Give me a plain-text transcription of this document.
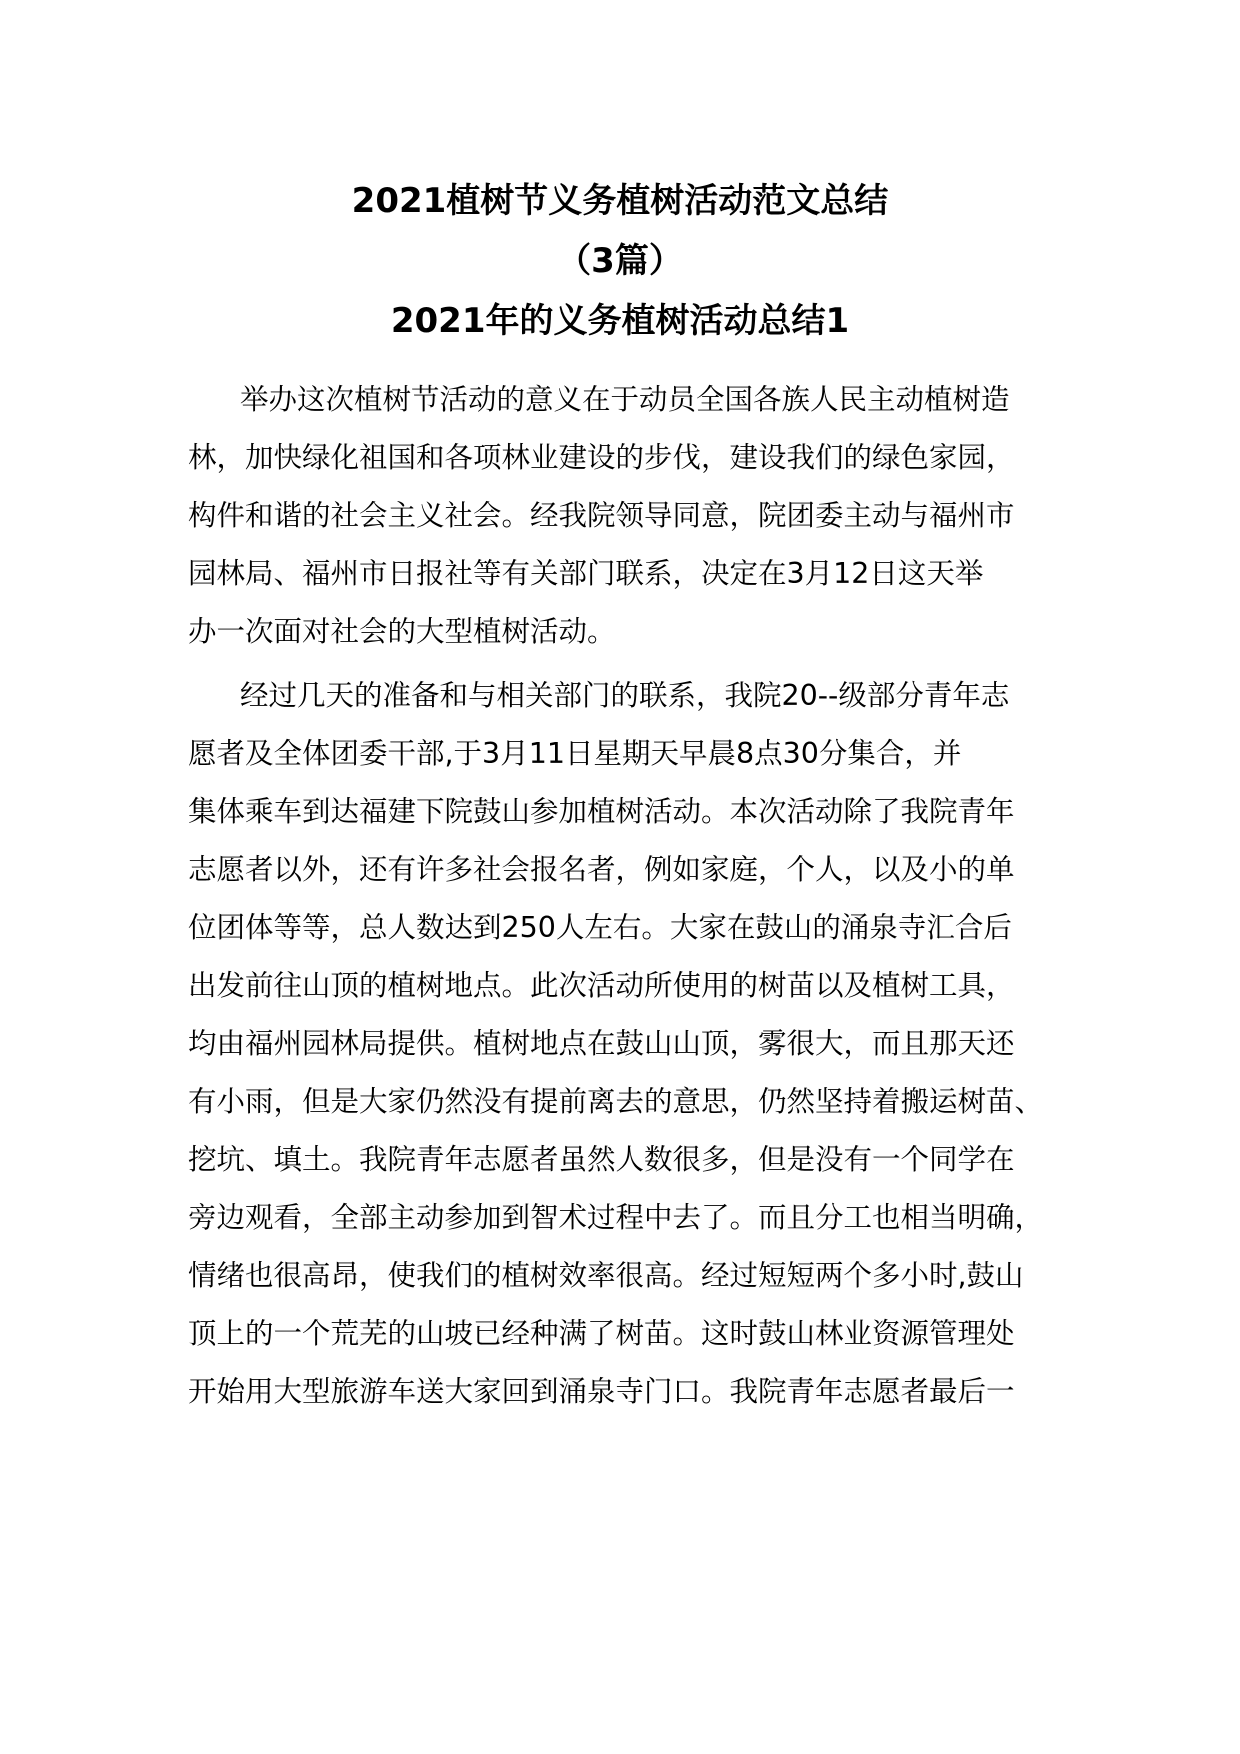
2021植树节义务植树活动范文总结
（3篇）
2021年的义务植树活动总结1
举办这次植树节活动的意义在于动员全国各族人民主动植树造
林，加快绿化祖国和各项林业建设的步伐，建设我们的绿色家园，
构件和谐的社会主义社会。经我院领导同意，院团委主动与福州市
园林局、福州市日报社等有关部门联系，决定在3月12日这天举
办一次面对社会的大型植树活动。
经过几天的准备和与相关部门的联系，我院20--级部分青年志
愿者及全体团委干部,于3月11日星期天早晨8点30分集合，并
集体乘车到达福建下院鼓山参加植树活动。本次活动除了我院青年
志愿者以外，还有许多社会报名者，例如家庭，个人，以及小的单
位团体等等，总人数达到250人左右。大家在鼓山的涌泉寺汇合后
出发前往山顶的植树地点。此次活动所使用的树苗以及植树工具，
均由福州园林局提供。植树地点在鼓山山顶，雾很大，而且那天还
有小雨，但是大家仍然没有提前离去的意思，仍然坚持着搬运树苗、
挖坑、填土。我院青年志愿者虽然人数很多，但是没有一个同学在
旁边观看，全部主动参加到智术过程中去了。而且分工也相当明确，
情绪也很高昂，使我们的植树效率很高。经过短短两个多小时,鼓山
顶上的一个荒芜的山坡已经种满了树苗。这时鼓山林业资源管理处
开始用大型旅游车送大家回到涌泉寺门口。我院青年志愿者最后一
